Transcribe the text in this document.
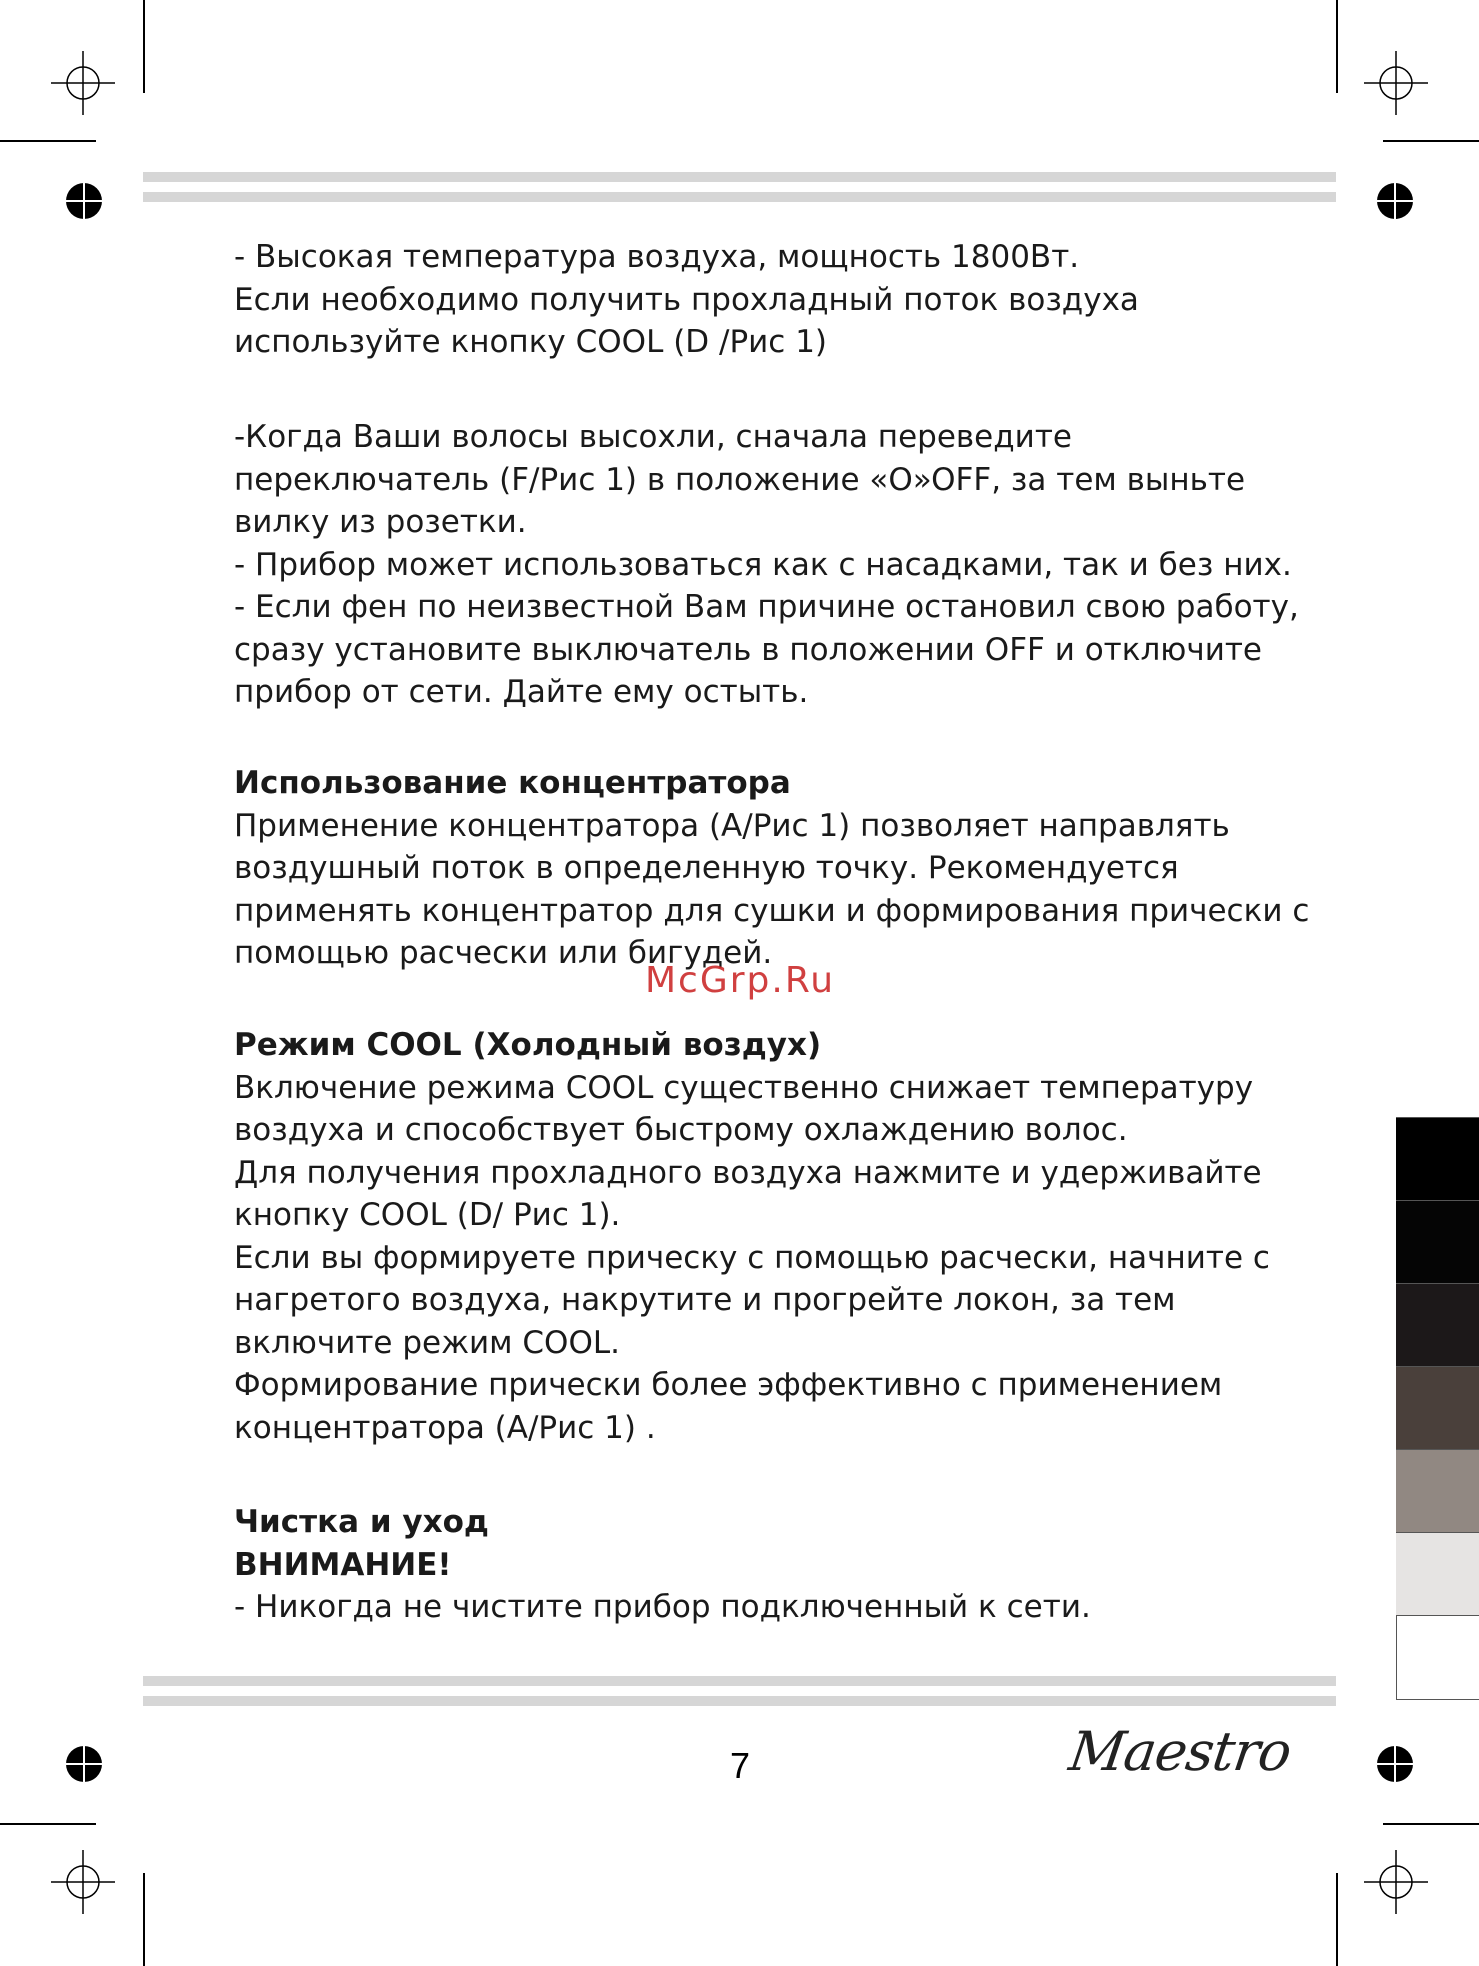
- Высокая температура воздуха, мощность 1800Вт.

Если необходимо получить прохладный поток воздуха

используйте кнопку COOL (D /Рис 1)

-Когда Ваши волосы высохли, сначала переведите

переключатель (F/Рис 1) в положение «O»OFF, за тем выньте

вилку из розетки.

- Прибор может использоваться как с насадками, так и без них.

- Если фен по неизвестной Вам причине остановил свою работу,

сразу установите выключатель в положении OFF и отключите

прибор от сети. Дайте ему остыть.

Использование концентратора

Применение концентратора (A/Рис 1) позволяет направлять

воздушный поток в определенную точку. Рекомендуется

применять концентратор для сушки и формирования прически с

помощью расчески или бигудей.

Режим COOL (Холодный воздух)

Включение режима COOL существенно снижает температуру

воздуха и способствует быстрому охлаждению волос.

Для получения прохладного воздуха нажмите и удерживайте

кнопку COOL (D/ Рис 1).

Если вы формируете прическу с помощью расчески, начните с

нагретого воздуха, накрутите и прогрейте локон, за тем

включите режим COOL.

Формирование прически более эффективно с применением

концентратора (A/Рис 1) .

Чистка и уход
ВНИМАНИЕ!

- Никогда не чистите прибор подключенный к сети.

McGrp.Ru
7	Maestro
